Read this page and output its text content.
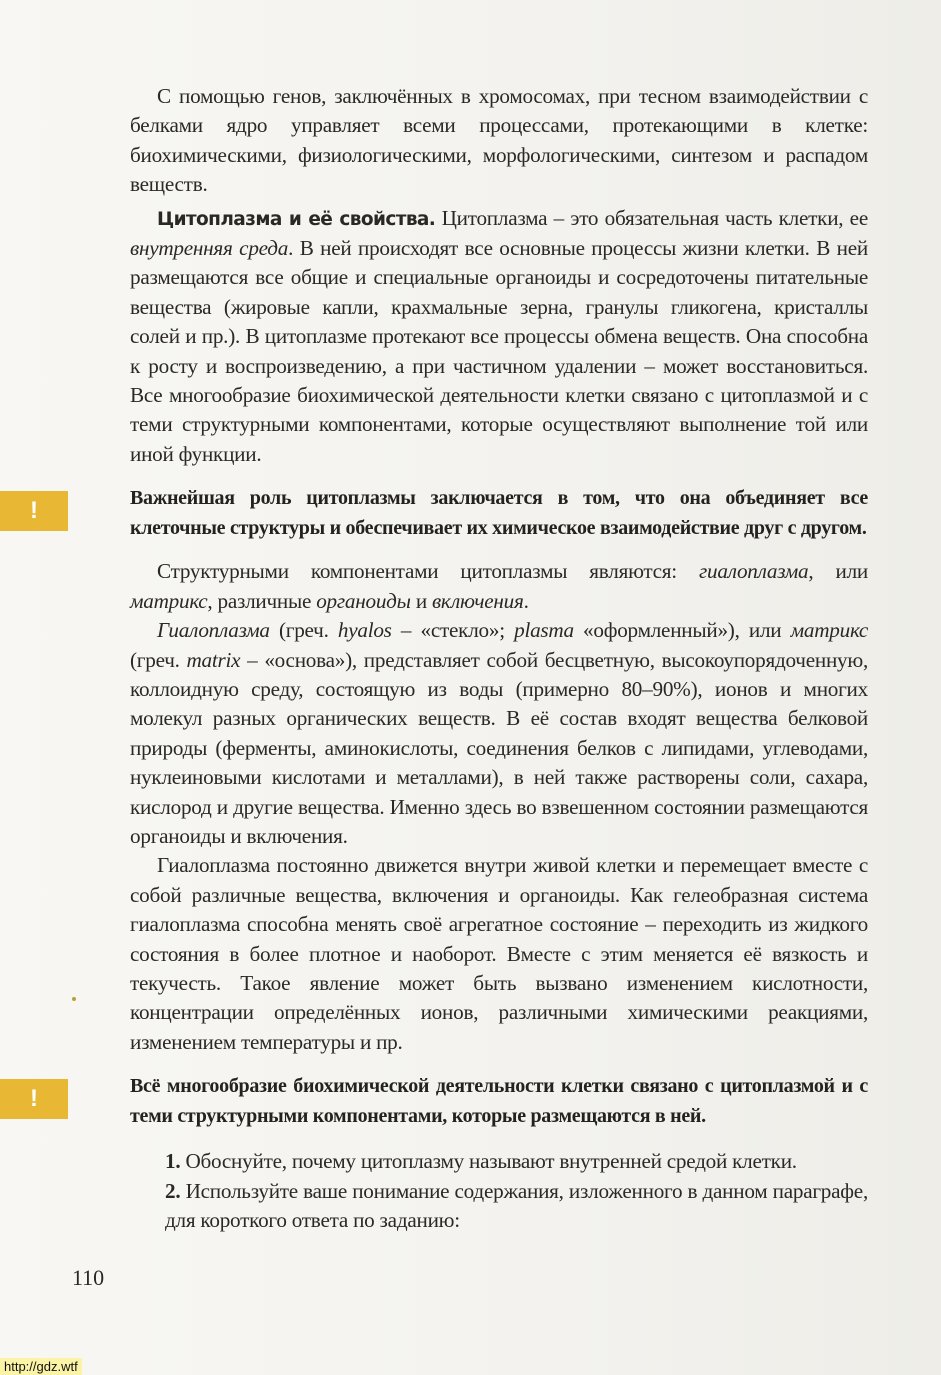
С помощью генов, заключённых в хромосомах, при тесном взаимодействии с белками ядро управляет всеми процессами, протекающими в клетке: биохимическими, физиологическими, морфологическими, синтезом и распадом веществ.

Цитоплазма и её свойства. Цитоплазма – это обязательная часть клетки, ее внутренняя среда. В ней происходят все основные процессы жизни клетки. В ней размещаются все общие и специальные органоиды и сосредоточены питательные вещества (жировые капли, крахмальные зерна, гранулы гликогена, кристаллы солей и пр.). В цитоплазме протекают все процессы обмена веществ. Она способна к росту и воспроизведению, а при частичном удалении – может восстановиться. Все многообразие биохимической деятельности клетки связано с цитоплазмой и с теми структурными компонентами, которые осуществляют выполнение той или иной функции.

!	Важнейшая роль цитоплазмы заключается в том, что она объединяет все клеточные структуры и обеспечивает их химическое взаимодействие друг с другом.

Структурными компонентами цитоплазмы являются: гиалоплазма, или матрикс, различные органоиды и включения.

Гиалоплазма (греч. hyalos – «стекло»; plasma «оформленный»), или матрикс (греч. matrix – «основа»), представляет собой бесцветную, высокоупорядоченную, коллоидную среду, состоящую из воды (примерно 80–90%), ионов и многих молекул разных органических веществ. В её состав входят вещества белковой природы (ферменты, аминокислоты, соединения белков с липидами, углеводами, нуклеиновыми кислотами и металлами), в ней также растворены соли, сахара, кислород и другие вещества. Именно здесь во взвешенном состоянии размещаются органоиды и включения.

Гиалоплазма постоянно движется внутри живой клетки и перемещает вместе с собой различные вещества, включения и органоиды. Как гелеобразная система гиалоплазма способна менять своё агрегатное состояние – переходить из жидкого состояния в более плотное и наоборот. Вместе с этим меняется её вязкость и текучесть. Такое явление может быть вызвано изменением кислотности, концентрации определённых ионов, различными химическими реакциями, изменением температуры и пр.

!	Всё многообразие биохимической деятельности клетки связано с цитоплазмой и с теми структурными компонентами, которые размещаются в ней.

1. Обоснуйте, почему цитоплазму называют внутренней средой клетки.

2. Используйте ваше понимание содержания, изложенного в данном параграфе, для короткого ответа по заданию:

110
http://gdz.wtf
